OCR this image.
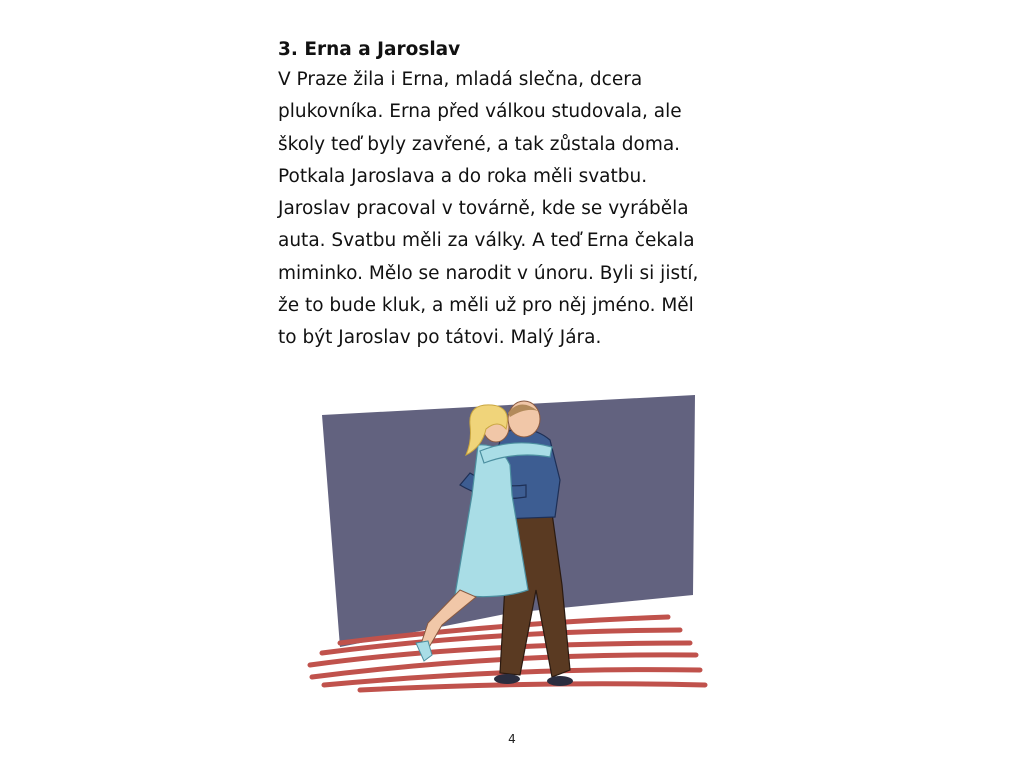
3. Erna a Jaroslav

V Praze žila i Erna, mladá slečna, dcera

plukovníka. Erna před válkou studovala, ale

školy teď byly zavřené, a tak zůstala doma.

Potkala Jaroslava a do roka měli svatbu.

Jaroslav pracoval v továrně, kde se vyráběla

auta. Svatbu měli za války. A teď Erna čekala

miminko. Mělo se narodit v únoru. Byli si jistí,

že to bude kluk, a měli už pro něj jméno. Měl

to být Jaroslav po tátovi. Malý Jára.

4
